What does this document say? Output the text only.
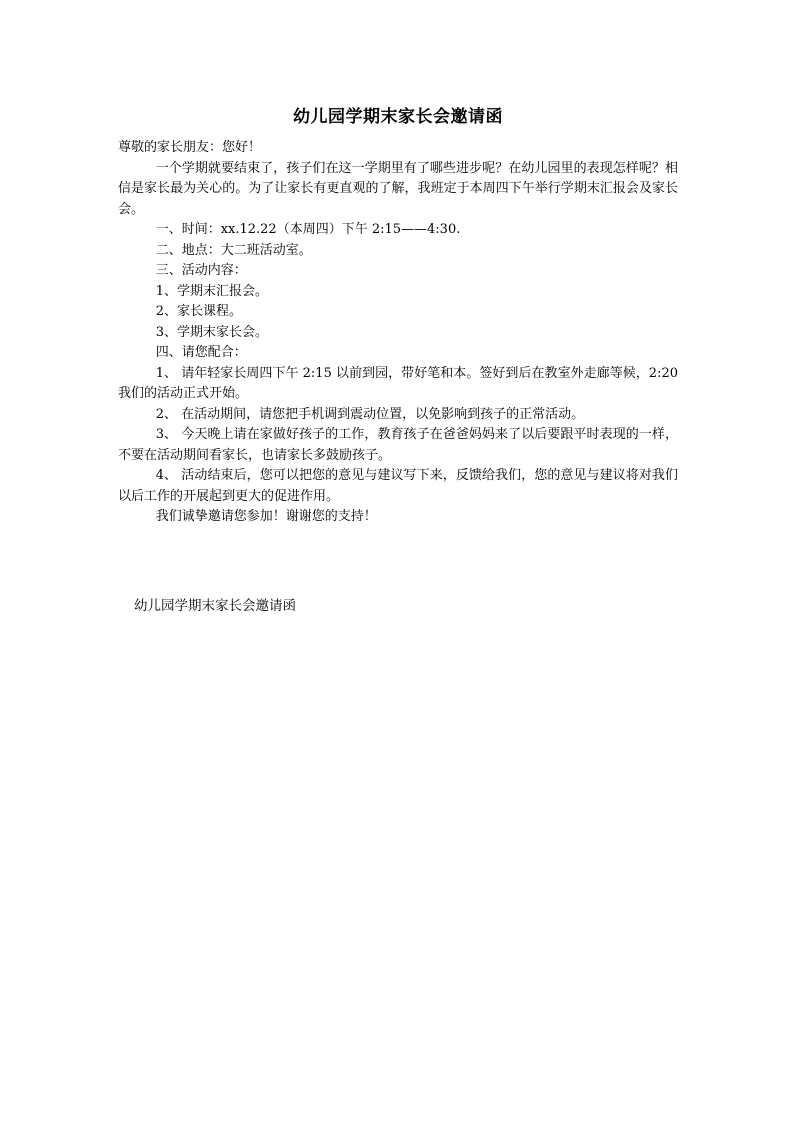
幼儿园学期末家长会邀请函

尊敬的家长朋友：您好！

一个学期就要结束了，孩子们在这一学期里有了哪些进步呢？在幼儿园里的表现怎样呢？相信是家长最为关心的。为了让家长有更直观的了解，我班定于本周四下午举行学期末汇报会及家长会。

一、时间：xx.12.22（本周四）下午 2:15——4:30.

二、地点：大二班活动室。

三、活动内容：

1、学期末汇报会。

2、家长课程。

3、学期末家长会。

四、请您配合：

1、 请年轻家长周四下午 2:15 以前到园，带好笔和本。签好到后在教室外走廊等候，2:20 我们的活动正式开始。

2、 在活动期间，请您把手机调到震动位置，以免影响到孩子的正常活动。

3、 今天晚上请在家做好孩子的工作，教育孩子在爸爸妈妈来了以后要跟平时表现的一样，不要在活动期间看家长，也请家长多鼓励孩子。

4、 活动结束后，您可以把您的意见与建议写下来，反馈给我们，您的意见与建议将对我们以后工作的开展起到更大的促进作用。

我们诚挚邀请您参加！谢谢您的支持！

幼儿园学期末家长会邀请函
